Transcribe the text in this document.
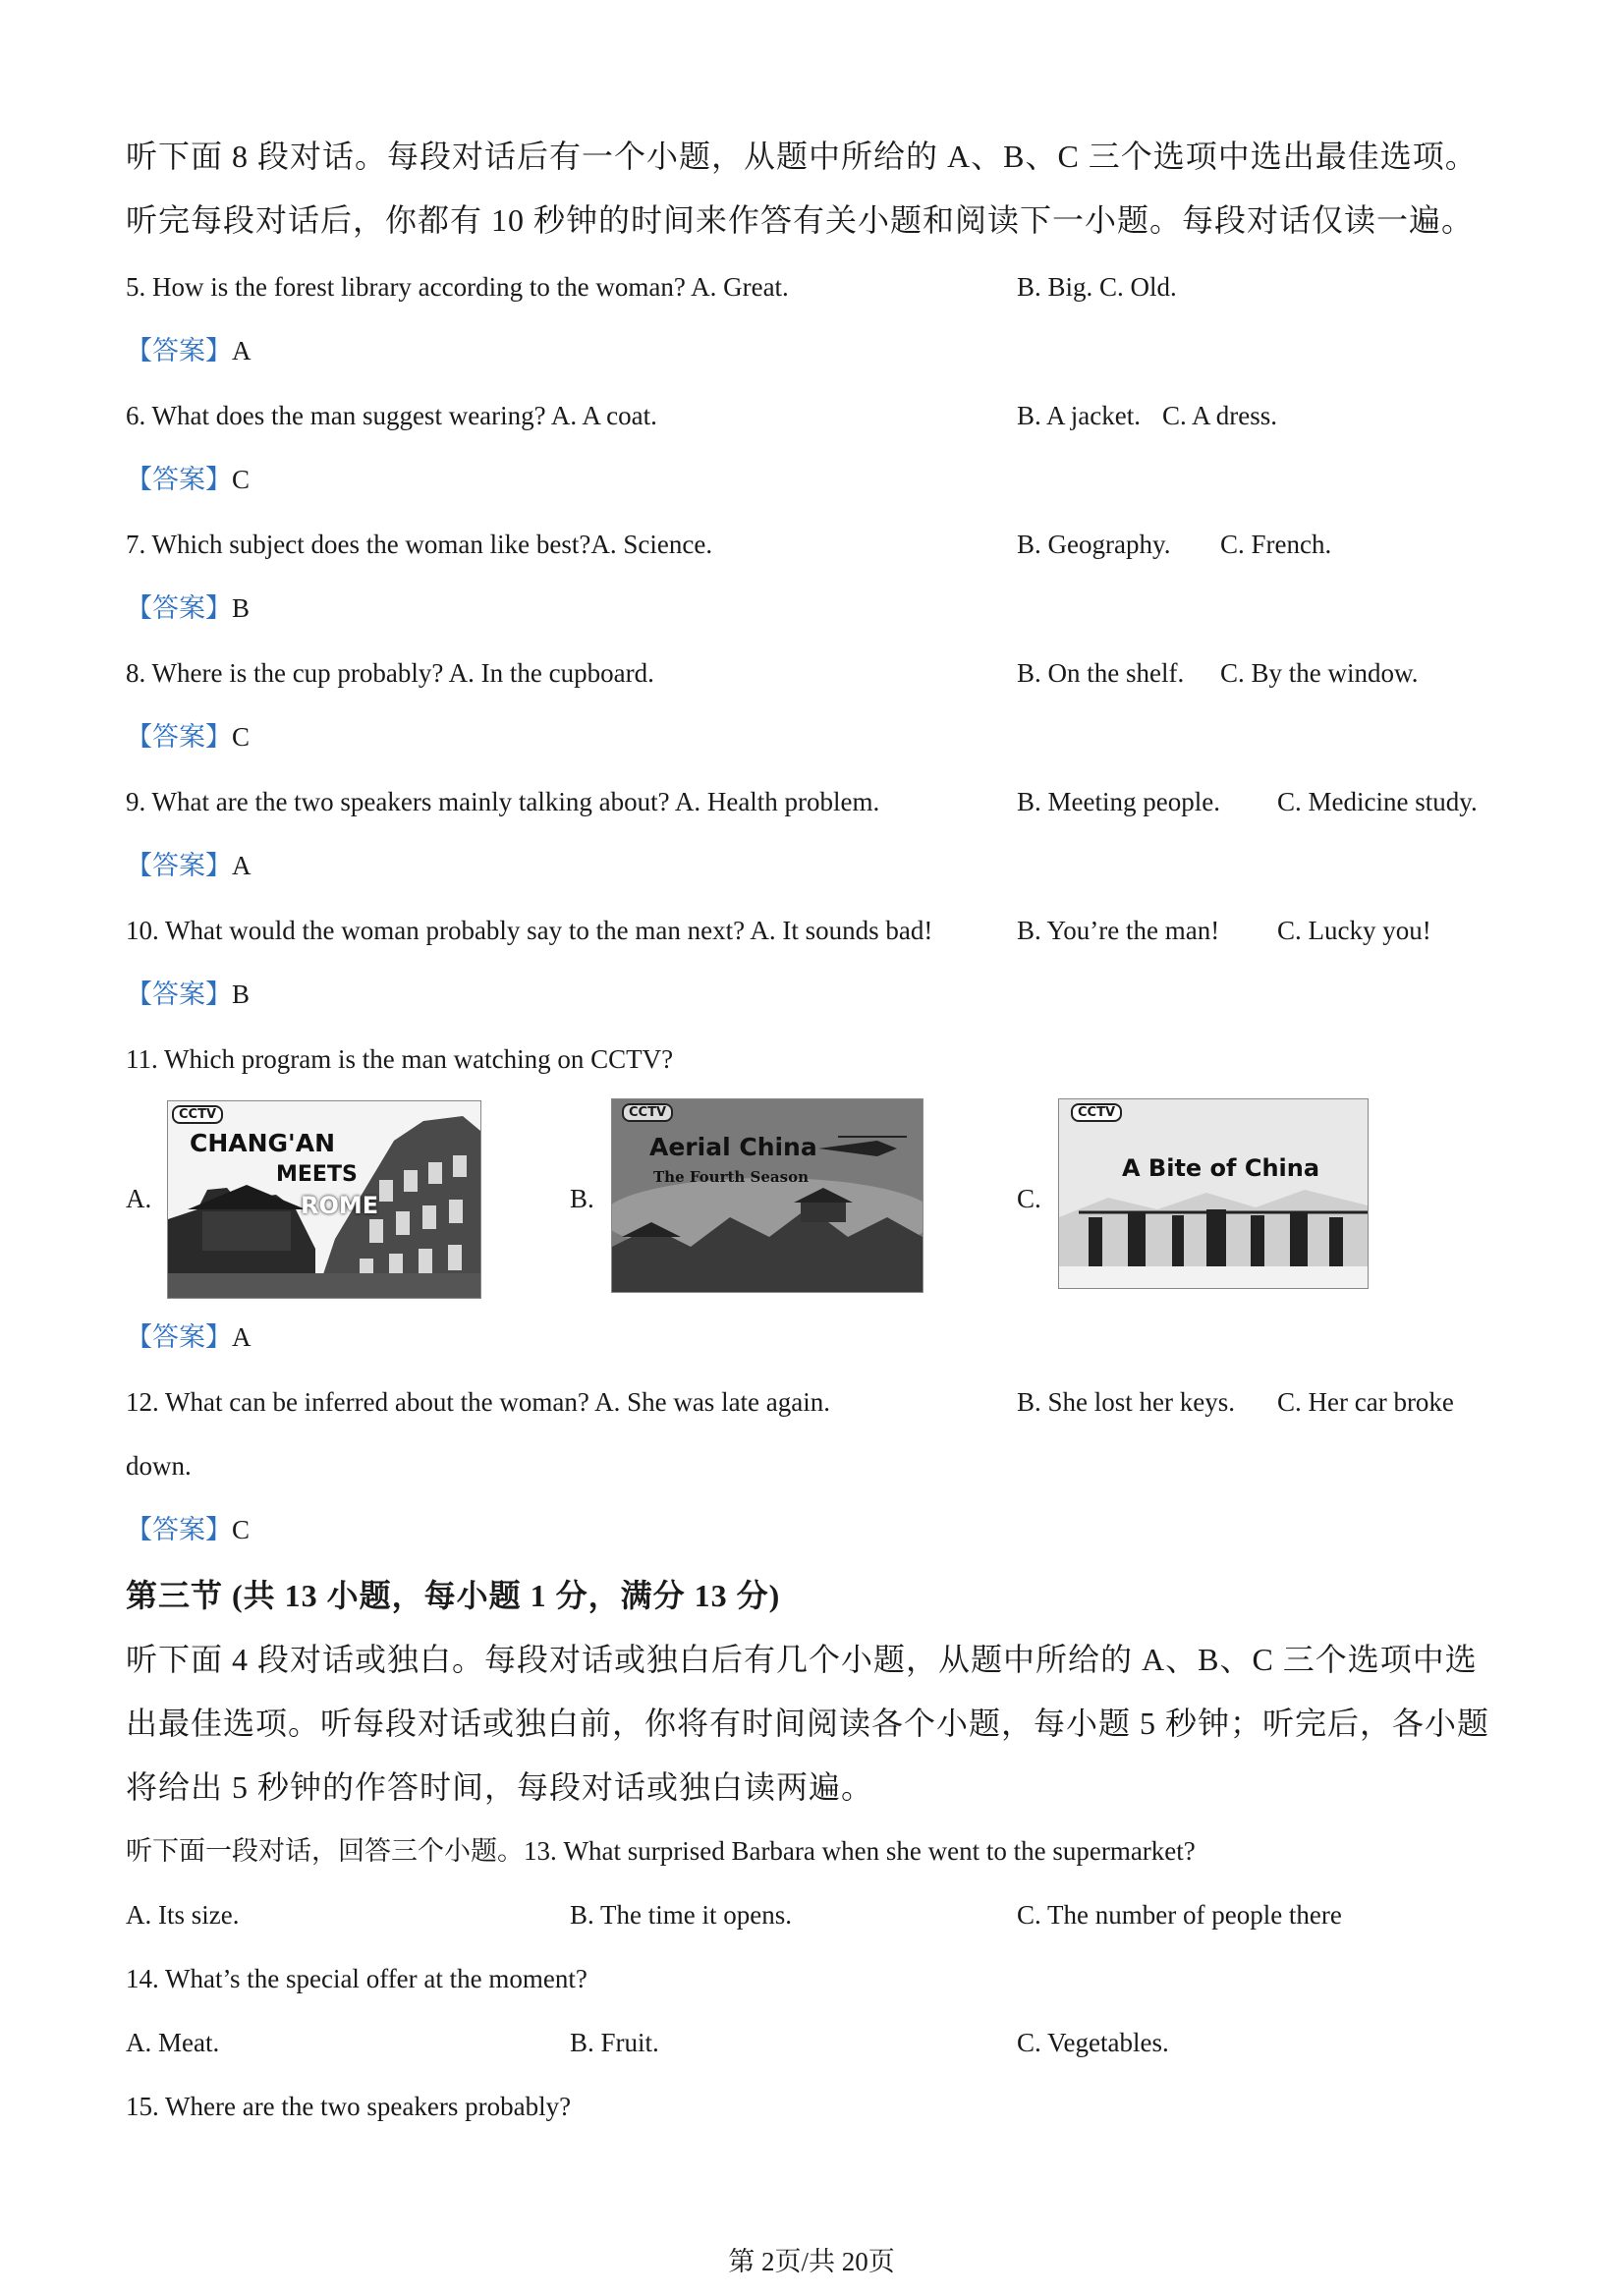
听下面 8 段对话。每段对话后有一个小题，从题中所给的 A、B、C 三个选项中选出最佳选项。
听完每段对话后，你都有 10 秒钟的时间来作答有关小题和阅读下一小题。每段对话仅读一遍。
5. How is the forest library according to the woman? A. Great.	B. Big. C. Old.
【答案】A
6. What does the man suggest wearing? A. A coat.	B. A jacket. C. A dress.
【答案】C
7. Which subject does the woman like best?A. Science.	B. Geography. C. French.
【答案】B
8. Where is the cup probably? A. In the cupboard.	B. On the shelf. C. By the window.
【答案】C
9. What are the two speakers mainly talking about? A. Health problem.	B. Meeting people. C. Medicine study.
【答案】A
10. What would the woman probably say to the man next? A. It sounds bad!	B. You’re the man! C. Lucky you!
【答案】B
11. Which program is the man watching on CCTV?
A.
CCTV
CHANG'AN
MEETS
ROME	B.
CCTV
Aerial China
The Fourth Season
C.
CCTV
A Bite of China
【答案】A
12. What can be inferred about the woman? A. She was late again.	B. She lost her keys. C. Her car broke
down.
【答案】C
第三节 (共 13 小题，每小题 1 分，满分 13 分)
听下面 4 段对话或独白。每段对话或独白后有几个小题，从题中所给的 A、B、C 三个选项中选
出最佳选项。听每段对话或独白前，你将有时间阅读各个小题，每小题 5 秒钟；听完后，各小题
将给出 5 秒钟的作答时间，每段对话或独白读两遍。
听下面一段对话，回答三个小题。13. What surprised Barbara when she went to the supermarket?
A. Its size.	B. The time it opens.	C. The number of people there
14. What’s the special offer at the moment?
A. Meat.	B. Fruit.	C. Vegetables.
15. Where are the two speakers probably?
第 2页/共 20页
